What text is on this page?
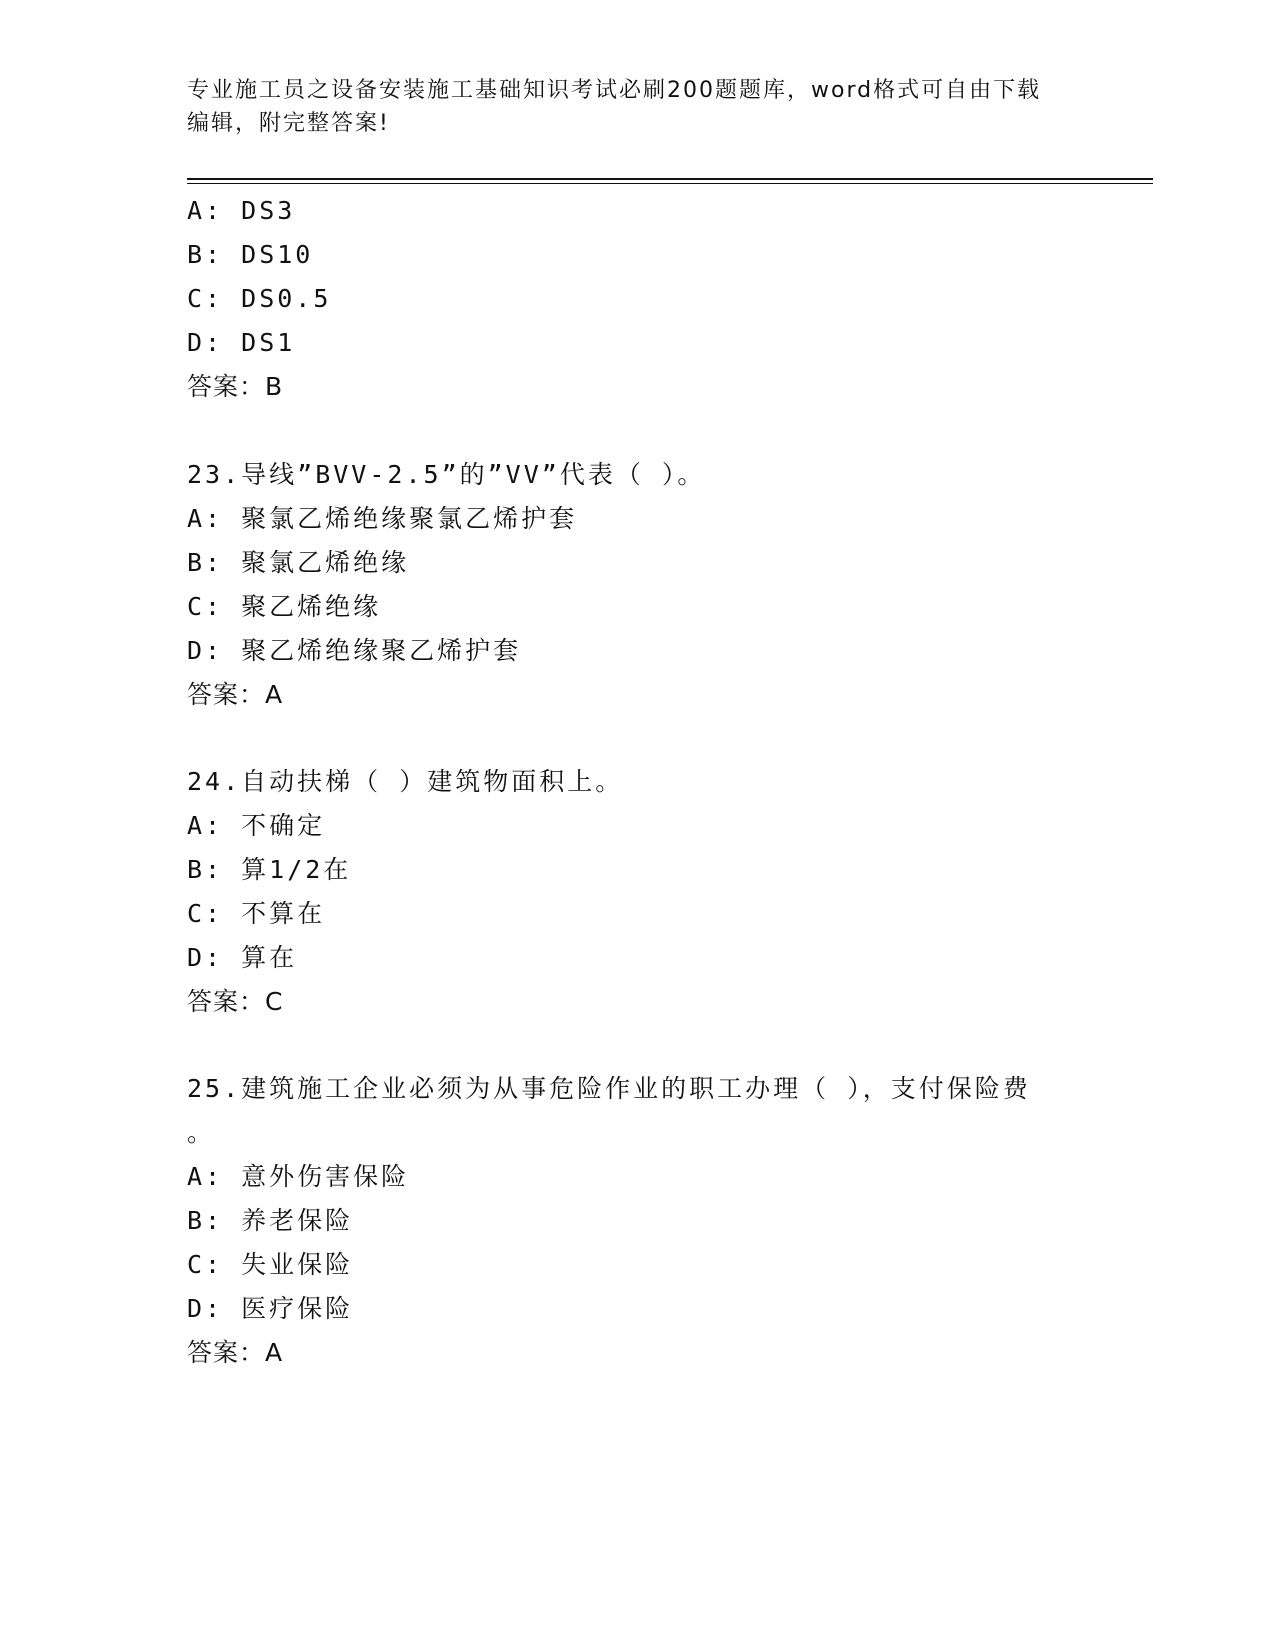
专业施工员之设备安装施工基础知识考试必刷200题题库，word格式可自由下载
编辑，附完整答案!
A: DS3
B: DS10
C: DS0.5
D: DS1
答案：B
23.导线”BVV-2.5”的”VV”代表（ ）。
A: 聚氯乙烯绝缘聚氯乙烯护套
B: 聚氯乙烯绝缘
C: 聚乙烯绝缘
D: 聚乙烯绝缘聚乙烯护套
答案：A
24.自动扶梯（ ）建筑物面积上。
A: 不确定
B: 算1/2在
C: 不算在
D: 算在
答案：C
25.建筑施工企业必须为从事危险作业的职工办理（ ），支付保险费
。
A: 意外伤害保险
B: 养老保险
C: 失业保险
D: 医疗保险
答案：A
